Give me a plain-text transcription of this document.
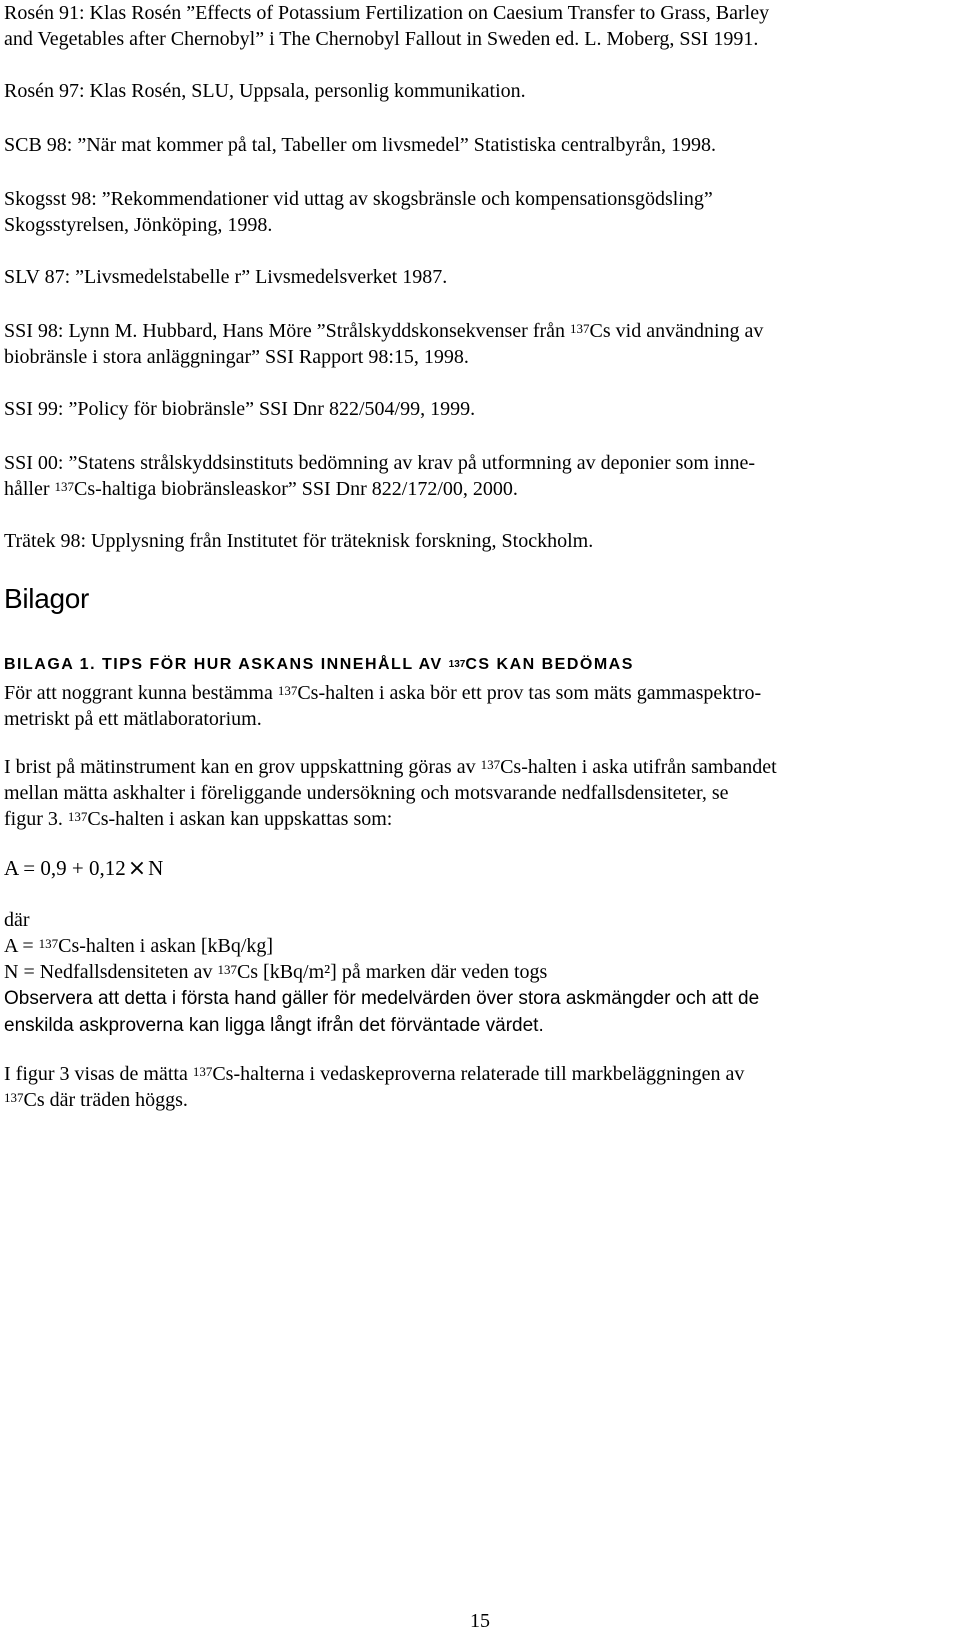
Rosén 91: Klas Rosén ”Effects of Potassium Fertilization on Caesium Transfer to Grass, Barley
and Vegetables after Chernobyl” i The Chernobyl Fallout in Sweden ed. L. Moberg, SSI 1991.
Rosén 97: Klas Rosén, SLU, Uppsala, personlig kommunikation.
SCB 98: ”När mat kommer på tal, Tabeller om livsmedel” Statistiska centralbyrån, 1998.
Skogsst 98: ”Rekommendationer vid uttag av skogsbränsle och kompensationsgödsling”
Skogsstyrelsen, Jönköping, 1998.
SLV 87: ”Livsmedelstabelle r” Livsmedelsverket 1987.
SSI 98: Lynn M. Hubbard, Hans Möre ”Strålskyddskonsekvenser från $^{137}$Cs vid användning av
biobränsle i stora anläggningar” SSI Rapport 98:15, 1998.
SSI 99: ”Policy för biobränsle” SSI Dnr 822/504/99, 1999.
SSI 00: ”Statens strålskyddsinstituts bedömning av krav på utformning av deponier som inne-
håller $^{137}$Cs-haltiga biobränsleaskor” SSI Dnr 822/172/00, 2000.
Trätek 98: Upplysning från Institutet för träteknisk forskning, Stockholm.
Bilagor
BILAGA 1. TIPS FÖR HUR ASKANS INNEHÅLL AV $^{137}$CS KAN BEDÖMAS
För att noggrant kunna bestämma $^{137}$Cs-halten i aska bör ett prov tas som mäts gammaspektro-
metriskt på ett mätlaboratorium.
I brist på mätinstrument kan en grov uppskattning göras av $^{137}$Cs-halten i aska utifrån sambandet
mellan mätta askhalter i föreliggande undersökning och motsvarande nedfallsdensiteter, se
figur 3. $^{137}$Cs-halten i askan kan uppskattas som:
A = 0,9 + 0,12×N
där
A = $^{137}$Cs-halten i askan [kBq/kg]
N = Nedfallsdensiteten av $^{137}$Cs [kBq/m²] på marken där veden togs
Observera att detta i första hand gäller för medelvärden över stora askmängder och att de
enskilda askproverna kan ligga långt ifrån det förväntade värdet.
I figur 3 visas de mätta $^{137}$Cs-halterna i vedaskeproverna relaterade till markbeläggningen av
$^{137}$Cs där träden höggs.
15
